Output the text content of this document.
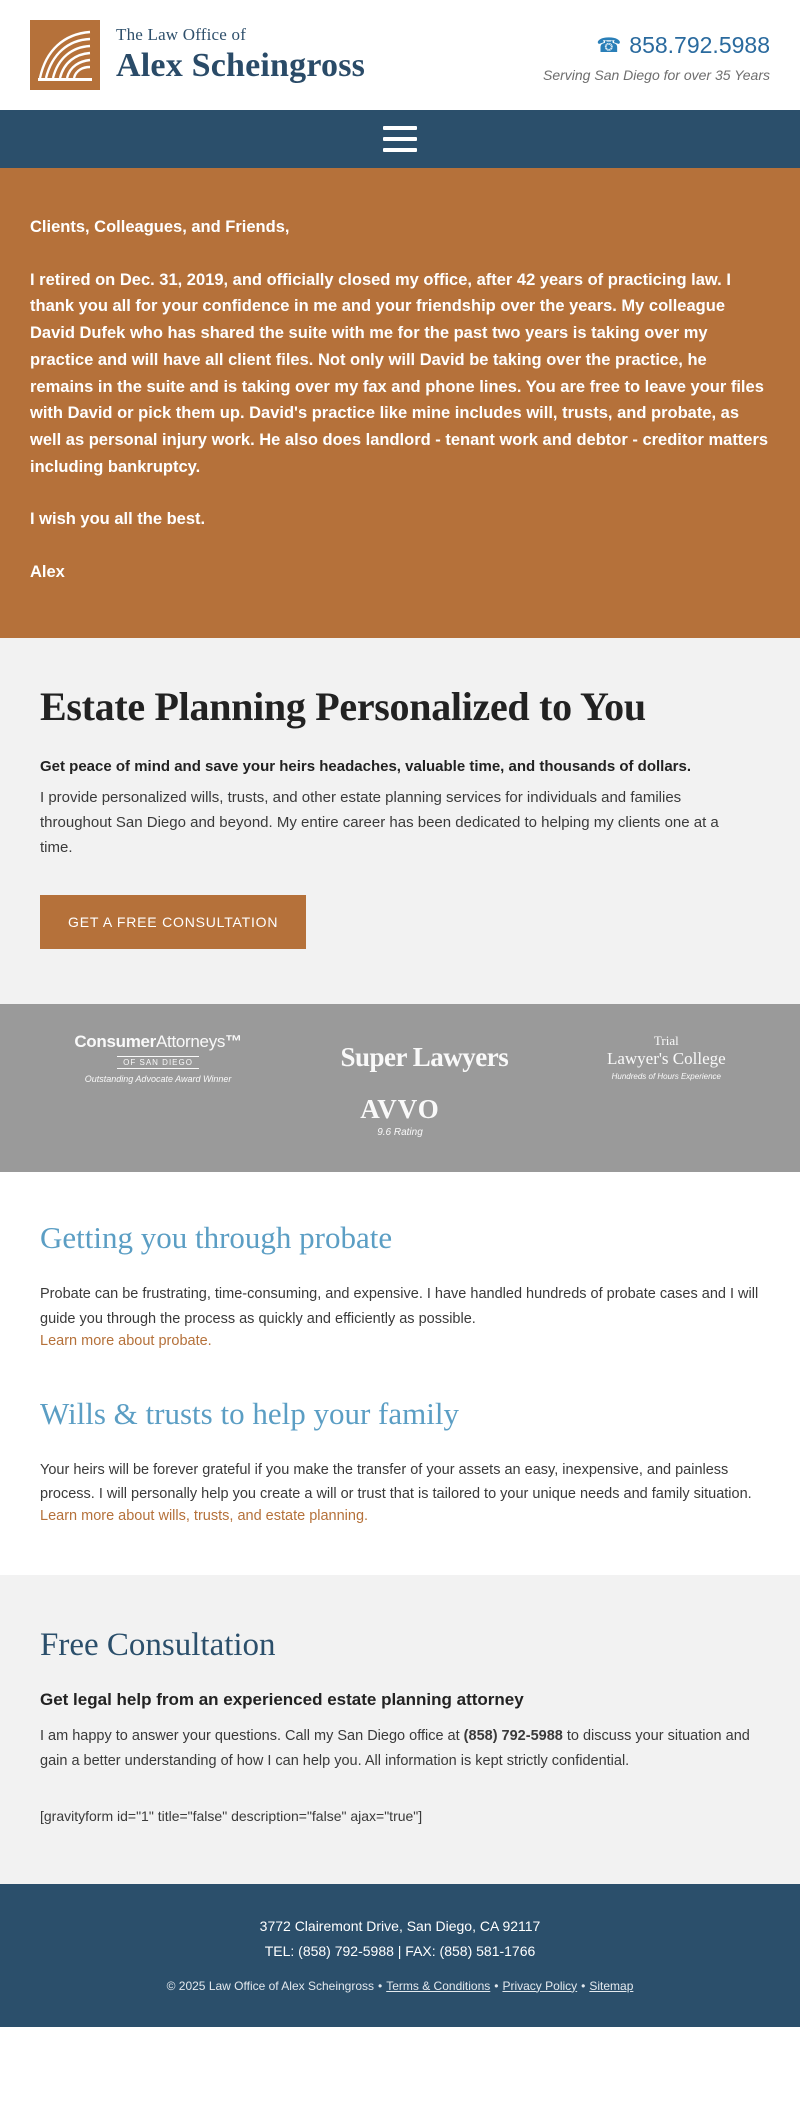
The Law Office of
Alex Scheingross
☎ 858.792.5988
Serving San Diego for over 35 Years

Clients, Colleagues, and Friends,

I retired on Dec. 31, 2019, and officially closed my office, after 42 years of practicing law. I thank you all for your confidence in me and your friendship over the years. My colleague David Dufek who has shared the suite with me for the past two years is taking over my practice and will have all client files. Not only will David be taking over the practice, he remains in the suite and is taking over my fax and phone lines. You are free to leave your files with David or pick them up. David's practice like mine includes will, trusts, and probate, as well as personal injury work. He also does landlord - tenant work and debtor - creditor matters including bankruptcy.

I wish you all the best.

Alex

Estate Planning Personalized to You

Get peace of mind and save your heirs headaches, valuable time, and thousands of dollars.

I provide personalized wills, trusts, and other estate planning services for individuals and families throughout San Diego and beyond. My entire career has been dedicated to helping my clients one at a time.

GET A FREE CONSULTATION
ConsumerAttorneys™
OF SAN DIEGO
Outstanding Advocate Award Winner
Super Lawyers
Trial
Lawyer's College
Hundreds of Hours Experience
AVVO
9.6 Rating
Getting you through probate

Probate can be frustrating, time-consuming, and expensive. I have handled hundreds of probate cases and I will guide you through the process as quickly and efficiently as possible.

Learn more about probate.
Wills & trusts to help your family

Your heirs will be forever grateful if you make the transfer of your assets an easy, inexpensive, and painless process. I will personally help you create a will or trust that is tailored to your unique needs and family situation.

Learn more about wills, trusts, and estate planning.
Free Consultation
Get legal help from an experienced estate planning attorney

I am happy to answer your questions. Call my San Diego office at (858) 792-5988 to discuss your situation and gain a better understanding of how I can help you. All information is kept strictly confidential.

[gravityform id="1" title="false" description="false" ajax="true"]
3772 Clairemont Drive, San Diego, CA 92117
TEL: (858) 792-5988 | FAX: (858) 581-1766
© 2025 Law Office of Alex Scheingross • Terms & Conditions • Privacy Policy • Sitemap
